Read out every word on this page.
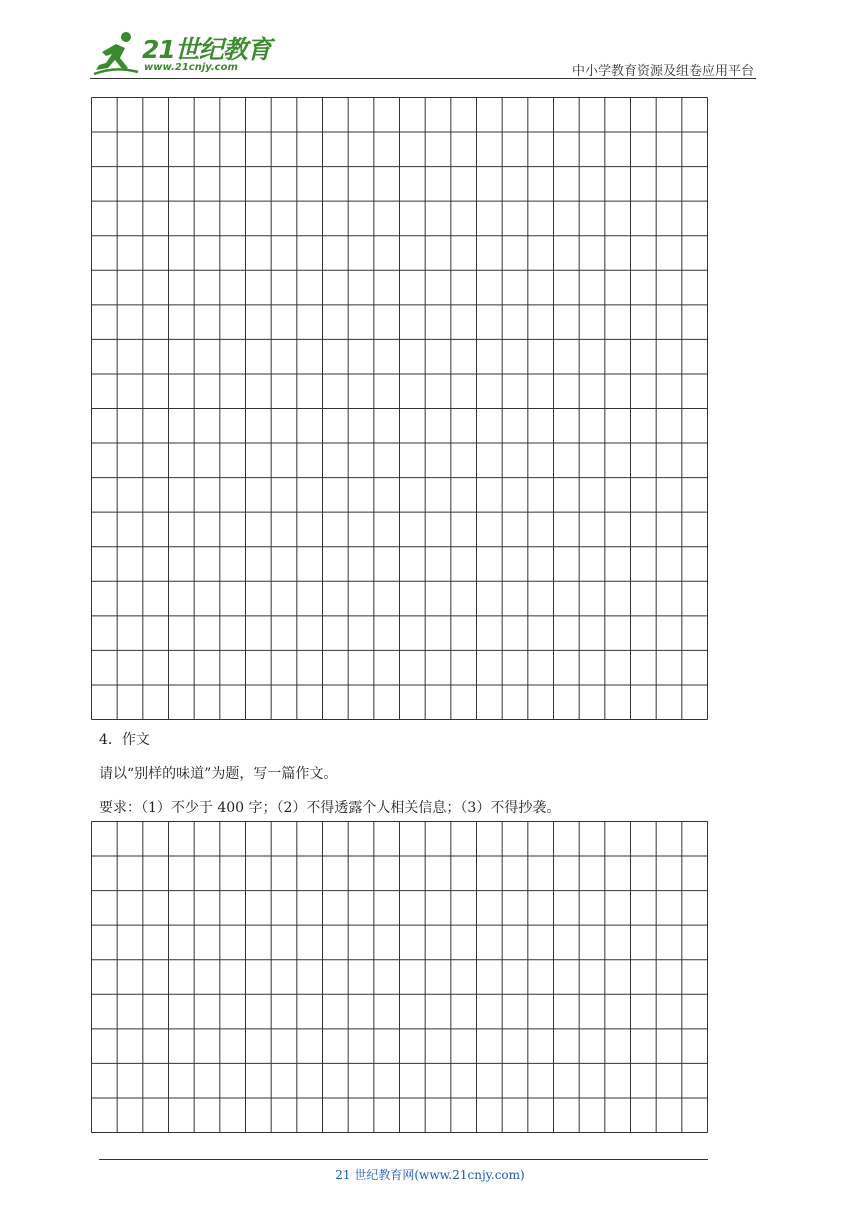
21世纪教育
www.21cnjy.com	中小学教育资源及组卷应用平台
4．作文
请以“别样的味道”为题，写一篇作文。
要求：（1）不少于 400 字；（2）不得透露个人相关信息；（3）不得抄袭。
21 世纪教育网(www.21cnjy.com)
